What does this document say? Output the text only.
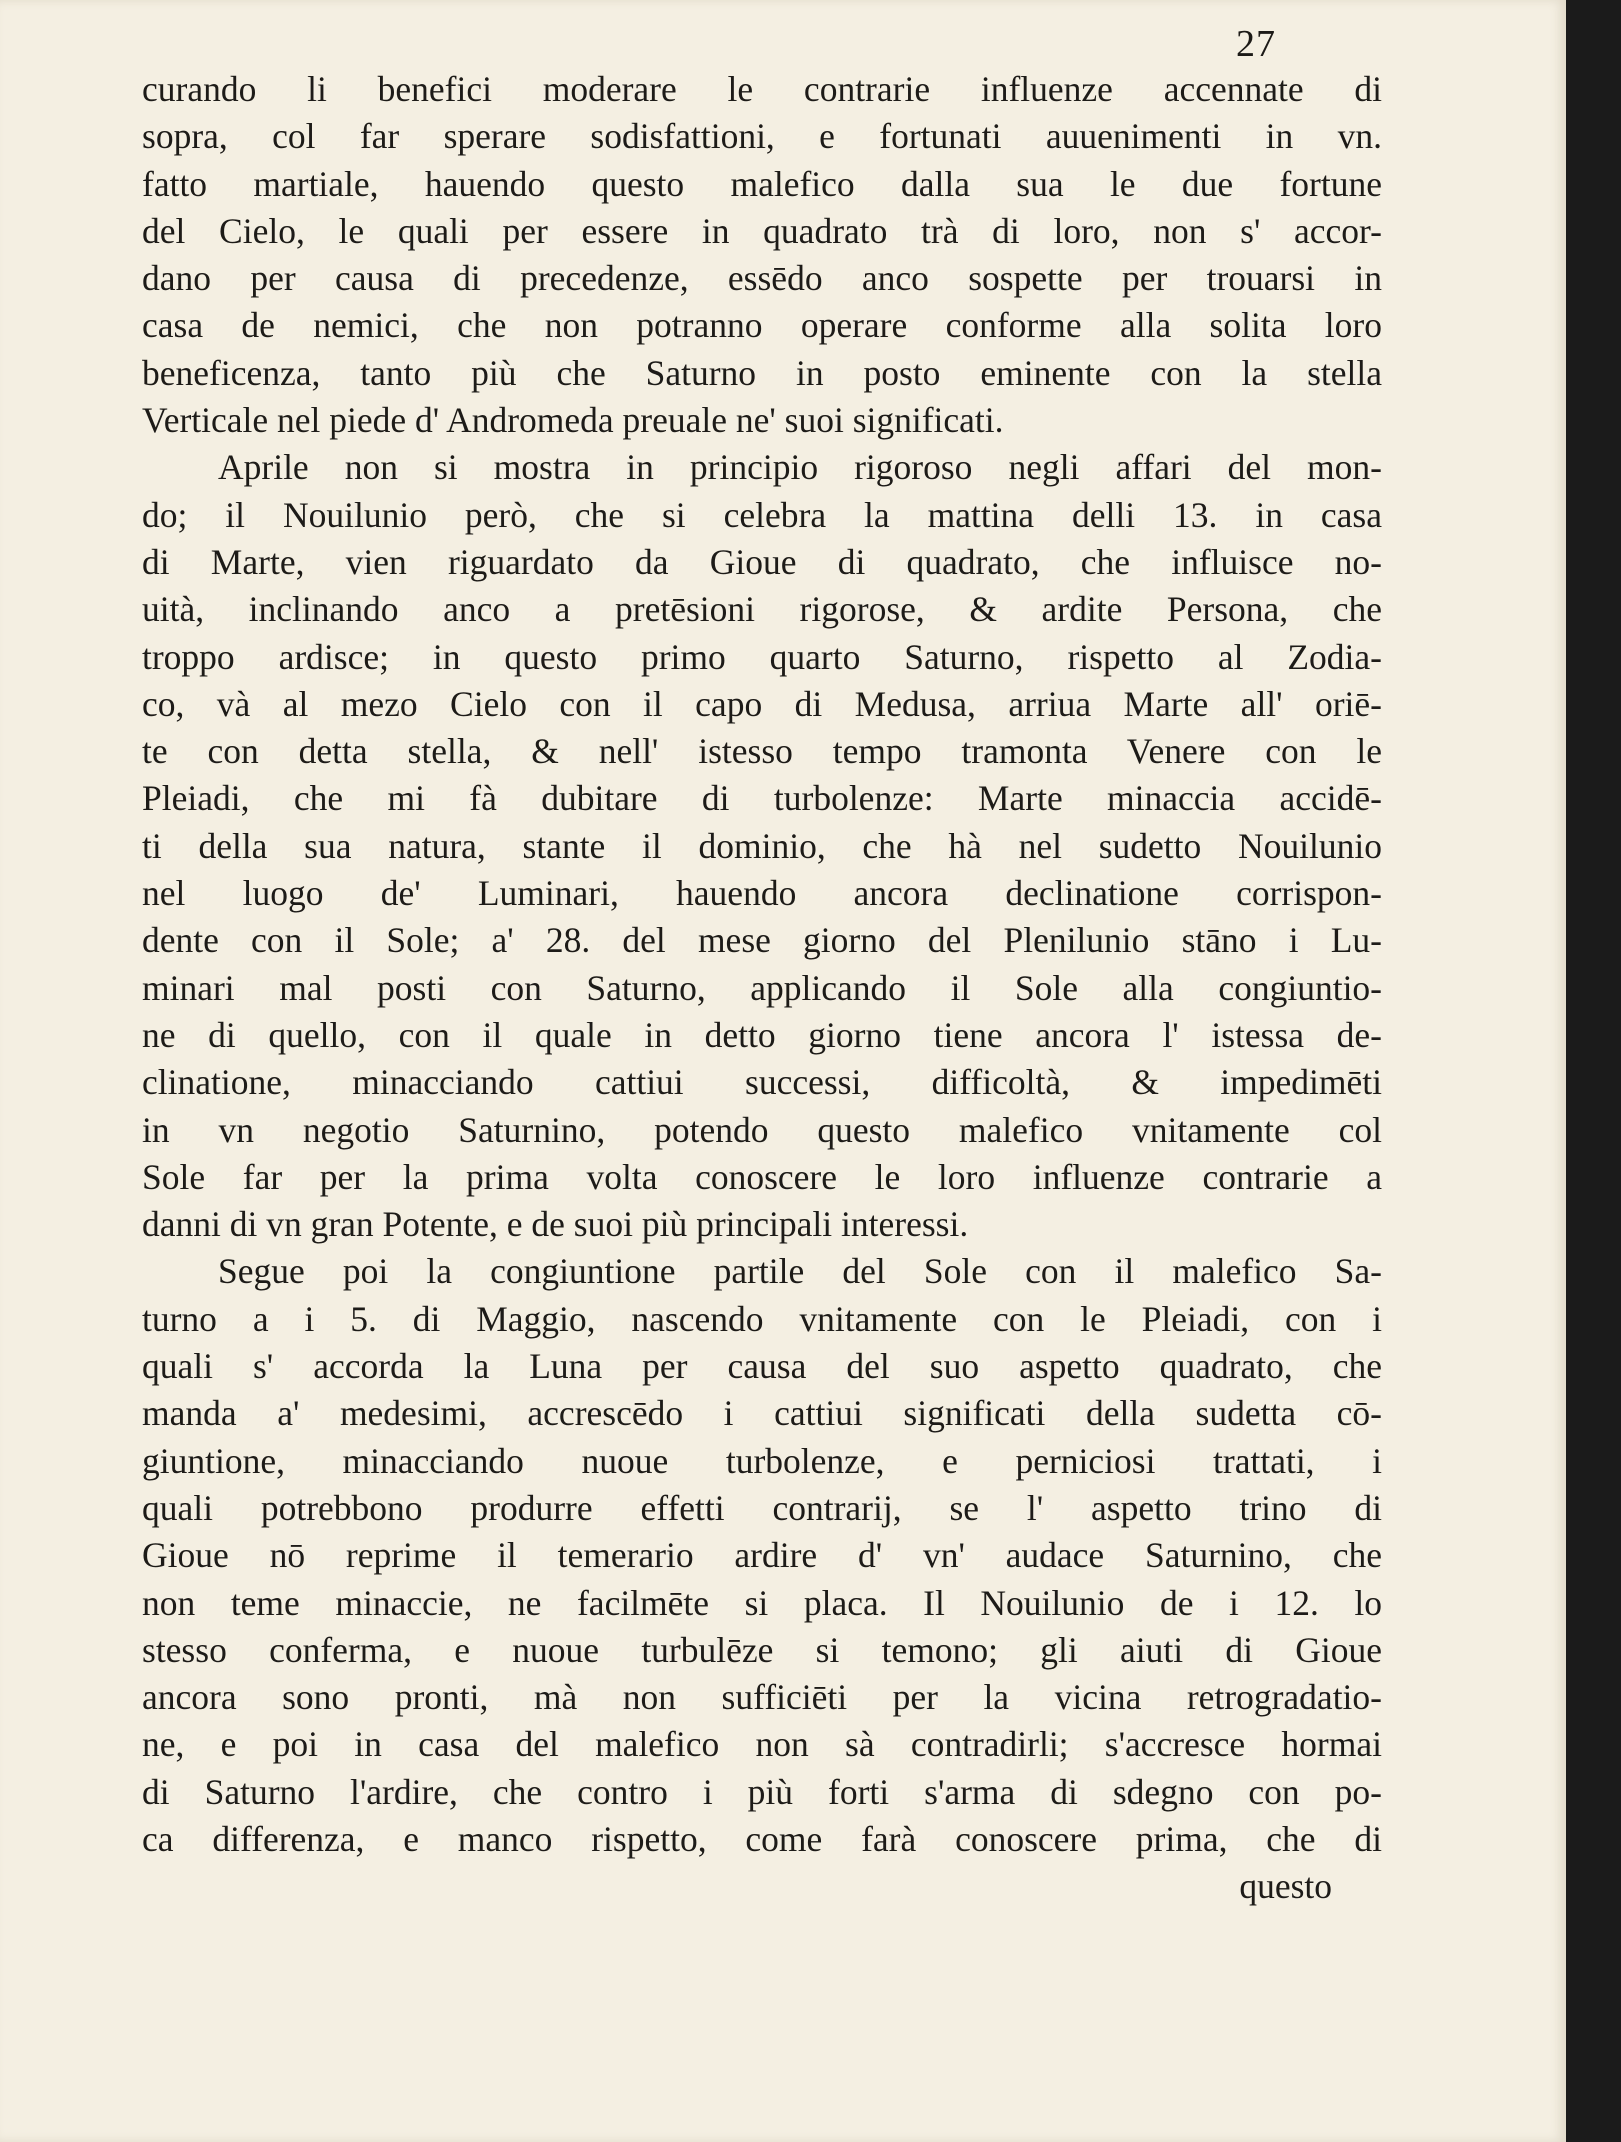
27
curando li benefici moderare le contrarie influenze accennate di
sopra, col far sperare sodisfattioni, e fortunati auuenimenti in vn.
fatto martiale, hauendo questo malefico dalla sua le due fortune
del Cielo, le quali per essere in quadrato trà di loro, non s' accor-
dano per causa di precedenze, essēdo anco sospette per trouarsi in
casa de nemici, che non potranno operare conforme alla solita loro
beneficenza, tanto più che Saturno in posto eminente con la stella
Verticale nel piede d' Andromeda preuale ne' suoi significati.
Aprile non si mostra in principio rigoroso negli affari del mon-
do; il Nouilunio però, che si celebra la mattina delli 13. in casa
di Marte, vien riguardato da Gioue di quadrato, che influisce no-
uità, inclinando anco a pretēsioni rigorose, & ardite Persona, che
troppo ardisce; in questo primo quarto Saturno, rispetto al Zodia-
co, và al mezo Cielo con il capo di Medusa, arriua Marte all' oriē-
te con detta stella, & nell' istesso tempo tramonta Venere con le
Pleiadi, che mi fà dubitare di turbolenze: Marte minaccia accidē-
ti della sua natura, stante il dominio, che hà nel sudetto Nouilunio
nel luogo de' Luminari, hauendo ancora declinatione corrispon-
dente con il Sole; a' 28. del mese giorno del Plenilunio stāno i Lu-
minari mal posti con Saturno, applicando il Sole alla congiuntio-
ne di quello, con il quale in detto giorno tiene ancora l' istessa de-
clinatione, minacciando cattiui successi, difficoltà, & impedimēti
in vn negotio Saturnino, potendo questo malefico vnitamente col
Sole far per la prima volta conoscere le loro influenze contrarie a
danni di vn gran Potente, e de suoi più principali interessi.
Segue poi la congiuntione partile del Sole con il malefico Sa-
turno a i 5. di Maggio, nascendo vnitamente con le Pleiadi, con i
quali s' accorda la Luna per causa del suo aspetto quadrato, che
manda a' medesimi, accrescēdo i cattiui significati della sudetta cō-
giuntione, minacciando nuoue turbolenze, e perniciosi trattati, i
quali potrebbono produrre effetti contrarij, se l' aspetto trino di
Gioue nō reprime il temerario ardire d' vn' audace Saturnino, che
non teme minaccie, ne facilmēte si placa. Il Nouilunio de i 12. lo
stesso conferma, e nuoue turbulēze si temono; gli aiuti di Gioue
ancora sono pronti, mà non sufficiēti per la vicina retrogradatio-
ne, e poi in casa del malefico non sà contradirli; s'accresce hormai
di Saturno l'ardire, che contro i più forti s'arma di sdegno con po-
ca differenza, e manco rispetto, come farà conoscere prima, che di
questo
